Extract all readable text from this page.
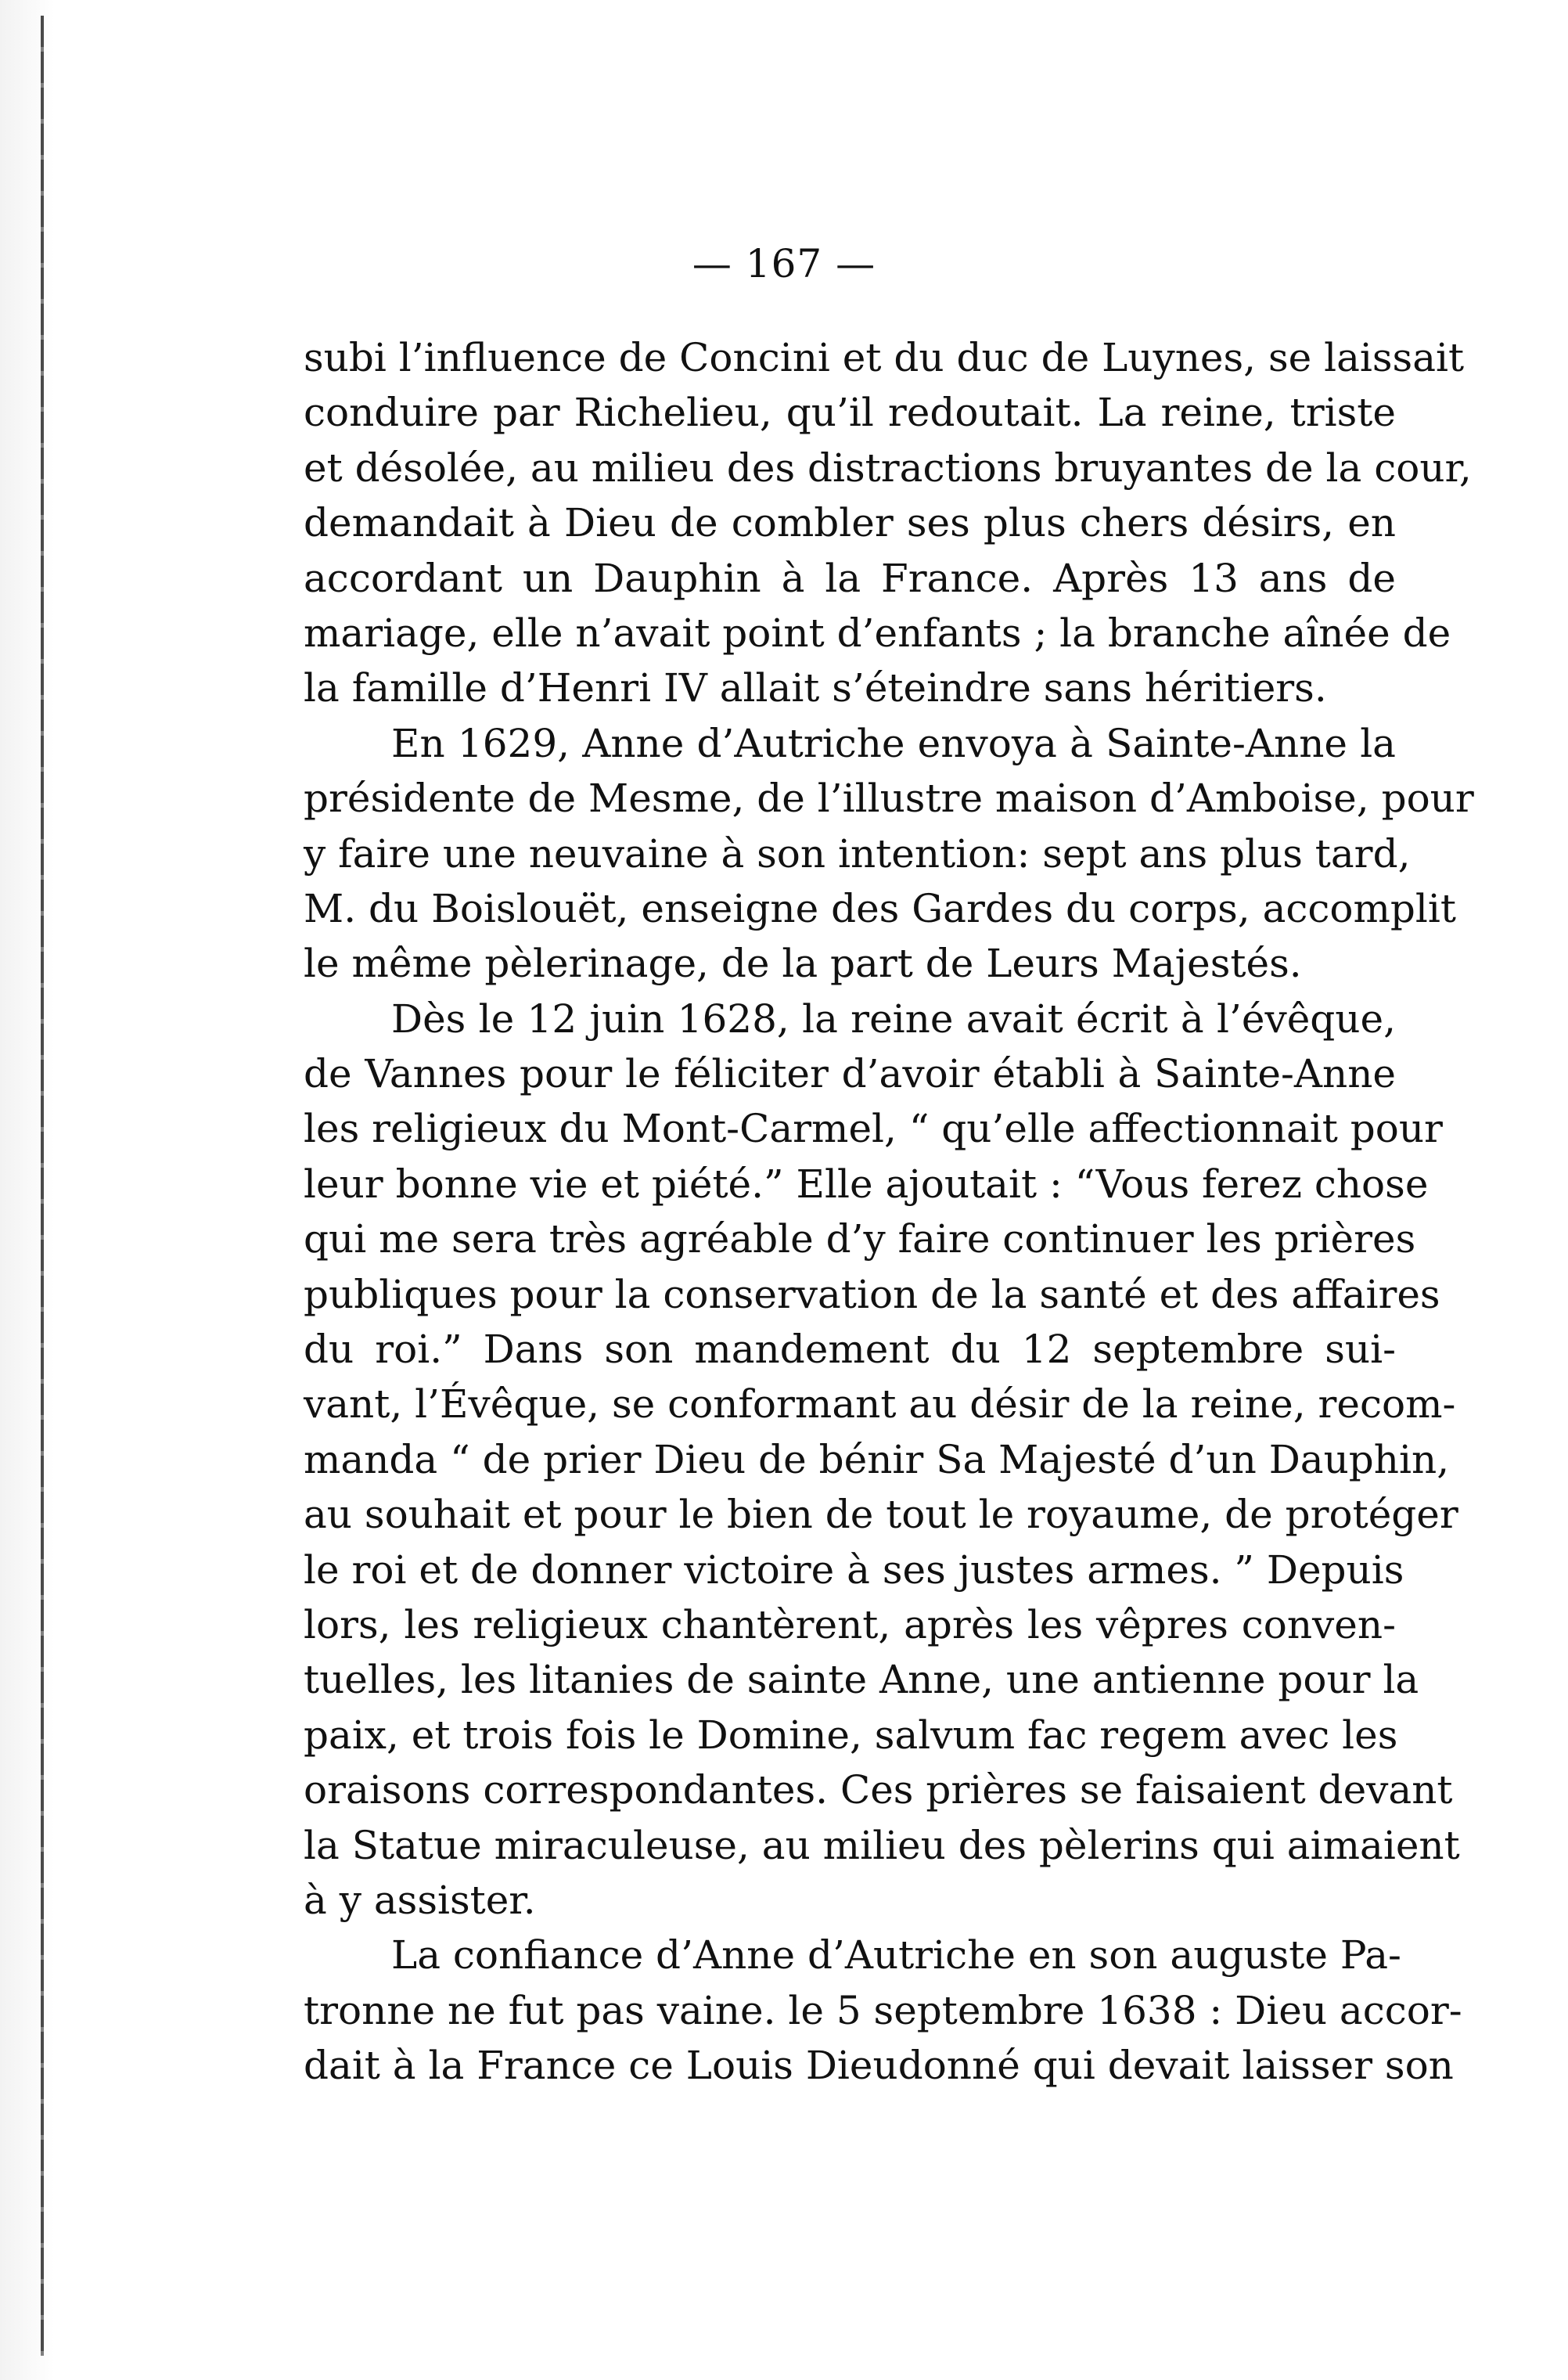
— 167 —
subi l’influence de Concini et du duc de Luynes, se laissait
conduire par Richelieu, qu’il redoutait. La reine, triste
et désolée, au milieu des distractions bruyantes de la cour,
demandait à Dieu de combler ses plus chers désirs, en
accordant un Dauphin à la France. Après 13 ans de
mariage, elle n’avait point d’enfants ; la branche aînée de
la famille d’Henri IV allait s’éteindre sans héritiers.
En 1629, Anne d’Autriche envoya à Sainte-Anne la
présidente de Mesme, de l’illustre maison d’Amboise, pour
y faire une neuvaine à son intention: sept ans plus tard,
M. du Boislouët, enseigne des Gardes du corps, accomplit
le même pèlerinage, de la part de Leurs Majestés.
Dès le 12 juin 1628, la reine avait écrit à l’évêque,
de Vannes pour le féliciter d’avoir établi à Sainte-Anne
les religieux du Mont-Carmel, “ qu’elle affectionnait pour
leur bonne vie et piété.” Elle ajoutait : “Vous ferez chose
qui me sera très agréable d’y faire continuer les prières
publiques pour la conservation de la santé et des affaires
du roi.” Dans son mandement du 12 septembre sui-
vant, l’Évêque, se conformant au désir de la reine, recom-
manda “ de prier Dieu de bénir Sa Majesté d’un Dauphin,
au souhait et pour le bien de tout le royaume, de protéger
le roi et de donner victoire à ses justes armes. ” Depuis
lors, les religieux chantèrent, après les vêpres conven-
tuelles, les litanies de sainte Anne, une antienne pour la
paix, et trois fois le Domine, salvum fac regem avec les
oraisons correspondantes. Ces prières se faisaient devant
la Statue miraculeuse, au milieu des pèlerins qui aimaient
à y assister.
La confiance d’Anne d’Autriche en son auguste Pa-
tronne ne fut pas vaine. le 5 septembre 1638 : Dieu accor-
dait à la France ce Louis Dieudonné qui devait laisser son
